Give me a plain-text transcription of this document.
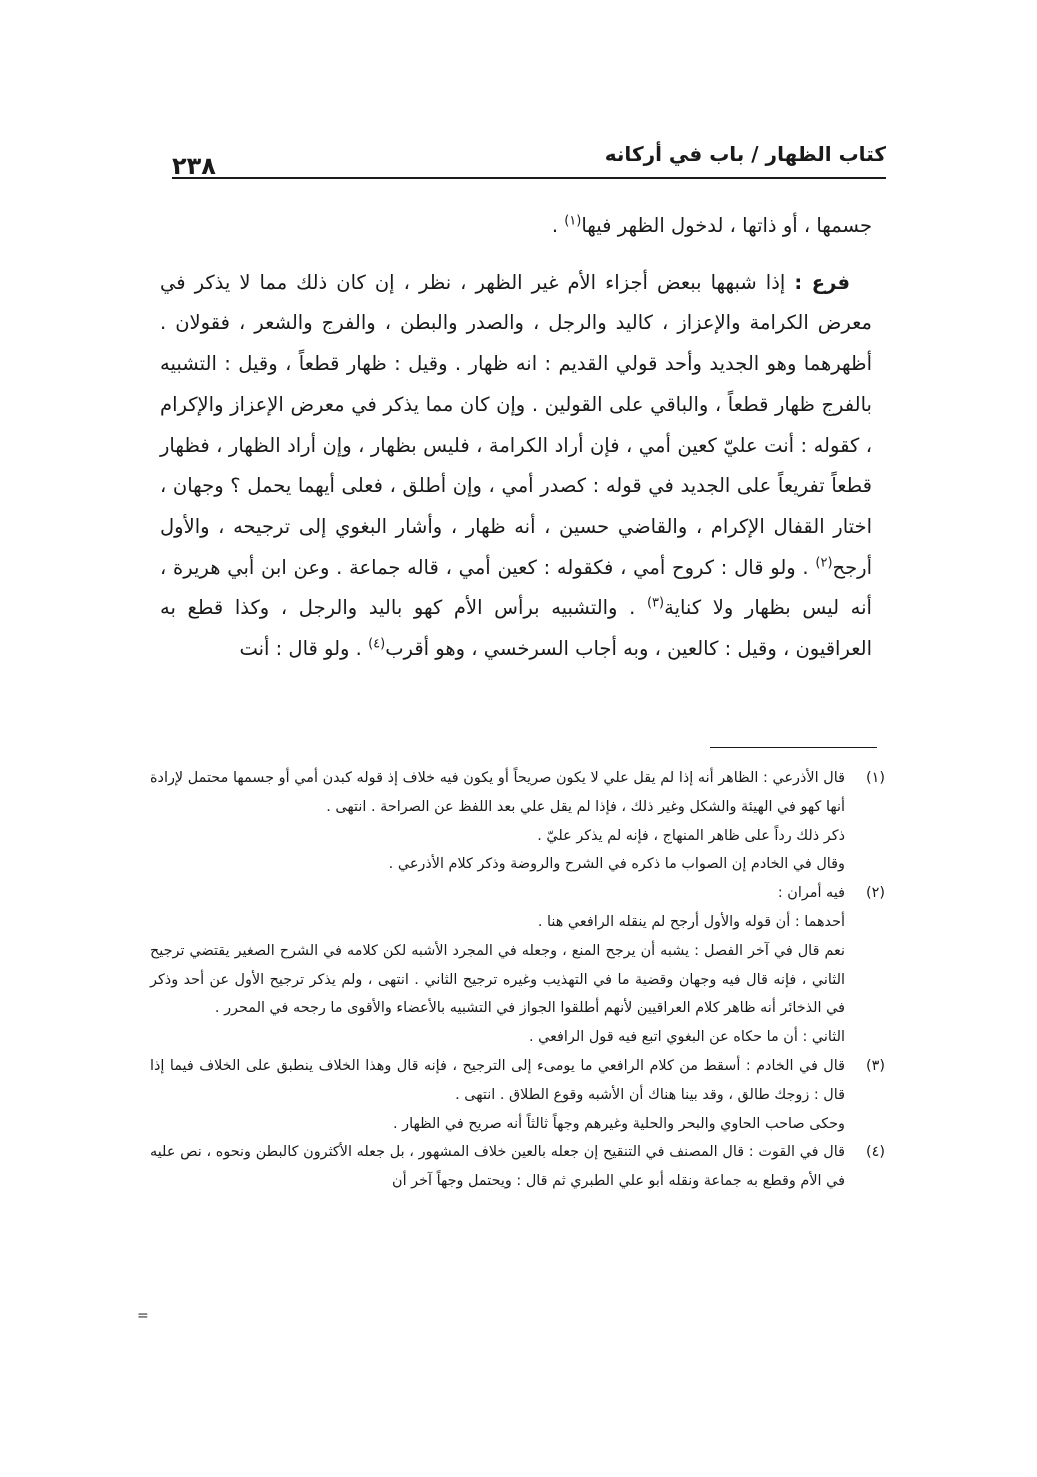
كتاب الظهار / باب في أركانه
٢٣٨

جسمها ، أو ذاتها ، لدخول الظهر فيها$^{(١)}$ .

فرع : إذا شبهها ببعض أجزاء الأم غير الظهر ، نظر ، إن كان ذلك مما لا يذكر في معرض الكرامة والإعزاز ، كاليد والرجل ، والصدر والبطن ، والفرج والشعر ، فقولان . أظهرهما وهو الجديد وأحد قولي القديم : انه ظهار . وقيل : ظهار قطعاً ، وقيل : التشبيه بالفرج ظهار قطعاً ، والباقي على القولين . وإن كان مما يذكر في معرض الإعزاز والإكرام ، كقوله : أنت عليّ كعين أمي ، فإن أراد الكرامة ، فليس بظهار ، وإن أراد الظهار ، فظهار قطعاً تفريعاً على الجديد في قوله : كصدر أمي ، وإن أطلق ، فعلى أيهما يحمل ؟ وجهان ، اختار القفال الإكرام ، والقاضي حسين ، أنه ظهار ، وأشار البغوي إلى ترجيحه ، والأول أرجح$^{(٢)}$ . ولو قال : كروح أمي ، فكقوله : كعين أمي ، قاله جماعة . وعن ابن أبي هريرة ، أنه ليس بظهار ولا كناية$^{(٣)}$ . والتشبيه برأس الأم كهو باليد والرجل ، وكذا قطع به العراقيون ، وقيل : كالعين ، وبه أجاب السرخسي ، وهو أقرب$^{(٤)}$ . ولو قال : أنت

(١)

قال الأذرعي : الظاهر أنه إذا لم يقل علي لا يكون صريحاً أو يكون فيه خلاف إذ قوله كبدن أمي أو جسمها محتمل لإرادة أنها كهو في الهيئة والشكل وغير ذلك ، فإذا لم يقل علي بعد اللفظ عن الصراحة . انتهى .

ذكر ذلك رداً على ظاهر المنهاج ، فإنه لم يذكر عليّ .

وقال في الخادم إن الصواب ما ذكره في الشرح والروضة وذكر كلام الأذرعي .

(٢)

فيه أمران :

أحدهما : أن قوله والأول أرجح لم ينقله الرافعي هنا .

نعم قال في آخر الفصل : يشبه أن يرجح المنع ، وجعله في المجرد الأشبه لكن كلامه في الشرح الصغير يقتضي ترجيح الثاني ، فإنه قال فيه وجهان وقضية ما في التهذيب وغيره ترجيح الثاني . انتهى ، ولم يذكر ترجيح الأول عن أحد وذكر في الذخائر أنه ظاهر كلام العراقيين لأنهم أطلقوا الجواز في التشبيه بالأعضاء والأقوى ما رجحه في المحرر .

الثاني : أن ما حكاه عن البغوي اتبع فيه قول الرافعي .

(٣)

قال في الخادم : أسقط من كلام الرافعي ما يومىء إلى الترجيح ، فإنه قال وهذا الخلاف ينطبق على الخلاف فيما إذا قال : زوجك طالق ، وقد بينا هناك أن الأشبه وقوع الطلاق . انتهى .

وحكى صاحب الحاوي والبحر والحلية وغيرهم وجهاً ثالثاً أنه صريح في الظهار .

(٤)

قال في القوت : قال المصنف في التنقيح إن جعله بالعين خلاف المشهور ، بل جعله الأكثرون كالبطن ونحوه ، نص عليه في الأم وقطع به جماعة ونقله أبو علي الطبري ثم قال : ويحتمل وجهاً آخر أن

=
